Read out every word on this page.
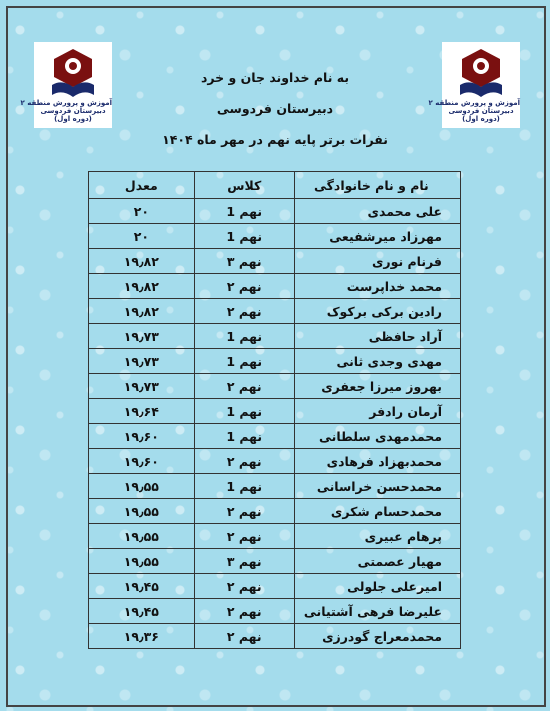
آموزش و پرورش منطقه ۲
دبیرستان فردوسی
(دوره اول)
آموزش و پرورش منطقه ۲
دبیرستان فردوسی
(دوره اول)
به نام خداوند جان و خرد
دبیرستان فردوسی
نفرات برتر پایه نهم در مهر ماه ۱۴۰۴
نام و نام خانوادگی	کلاس	معدل
علی محمدی	نهم 1	۲۰
مهرزاد میرشفیعی	نهم 1	۲۰
فرنام نوری	نهم ۳	۱۹٫۸۲
محمد خداپرست	نهم ۲	۱۹٫۸۲
رادین برکی برکوک	نهم ۲	۱۹٫۸۲
آراد حافظی	نهم 1	۱۹٫۷۳
مهدی وجدی ثانی	نهم 1	۱۹٫۷۳
بهروز میرزا جعفری	نهم ۲	۱۹٫۷۳
آرمان رادفر	نهم 1	۱۹٫۶۴
محمدمهدی سلطانی	نهم 1	۱۹٫۶۰
محمدبهزاد فرهادی	نهم ۲	۱۹٫۶۰
محمدحسن خراسانی	نهم 1	۱۹٫۵۵
محمدحسام شکری	نهم ۲	۱۹٫۵۵
پرهام عبیری	نهم ۲	۱۹٫۵۵
مهیار عصمتی	نهم ۳	۱۹٫۵۵
امیرعلی جلولی	نهم ۲	۱۹٫۴۵
علیرضا فرهی آشتیانی	نهم ۲	۱۹٫۴۵
محمدمعراج گودرزی	نهم ۲	۱۹٫۳۶
